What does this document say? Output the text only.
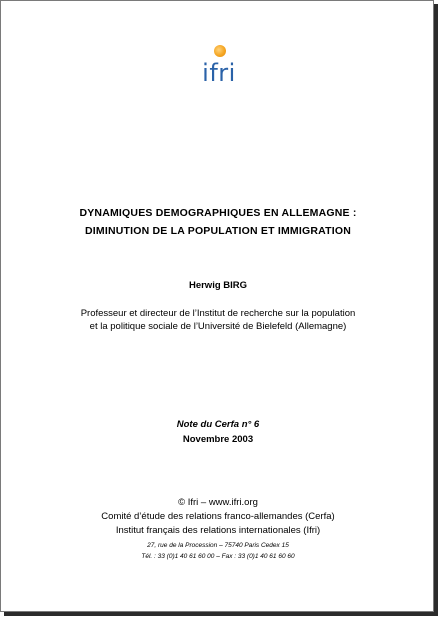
ifri
DYNAMIQUES DEMOGRAPHIQUES EN ALLEMAGNE :
DIMINUTION DE LA POPULATION ET IMMIGRATION
Herwig BIRG
Professeur et directeur de l’Institut de recherche sur la population
et la politique sociale de l’Université de Bielefeld (Allemagne)
Note du Cerfa n° 6
Novembre 2003
© Ifri – www.ifri.org
Comité d’étude des relations franco-allemandes (Cerfa)
Institut français des relations internationales (Ifri)
27, rue de la Procession – 75740 Paris Cedex 15
Tél. : 33 (0)1 40 61 60 00 – Fax : 33 (0)1 40 61 60 60
